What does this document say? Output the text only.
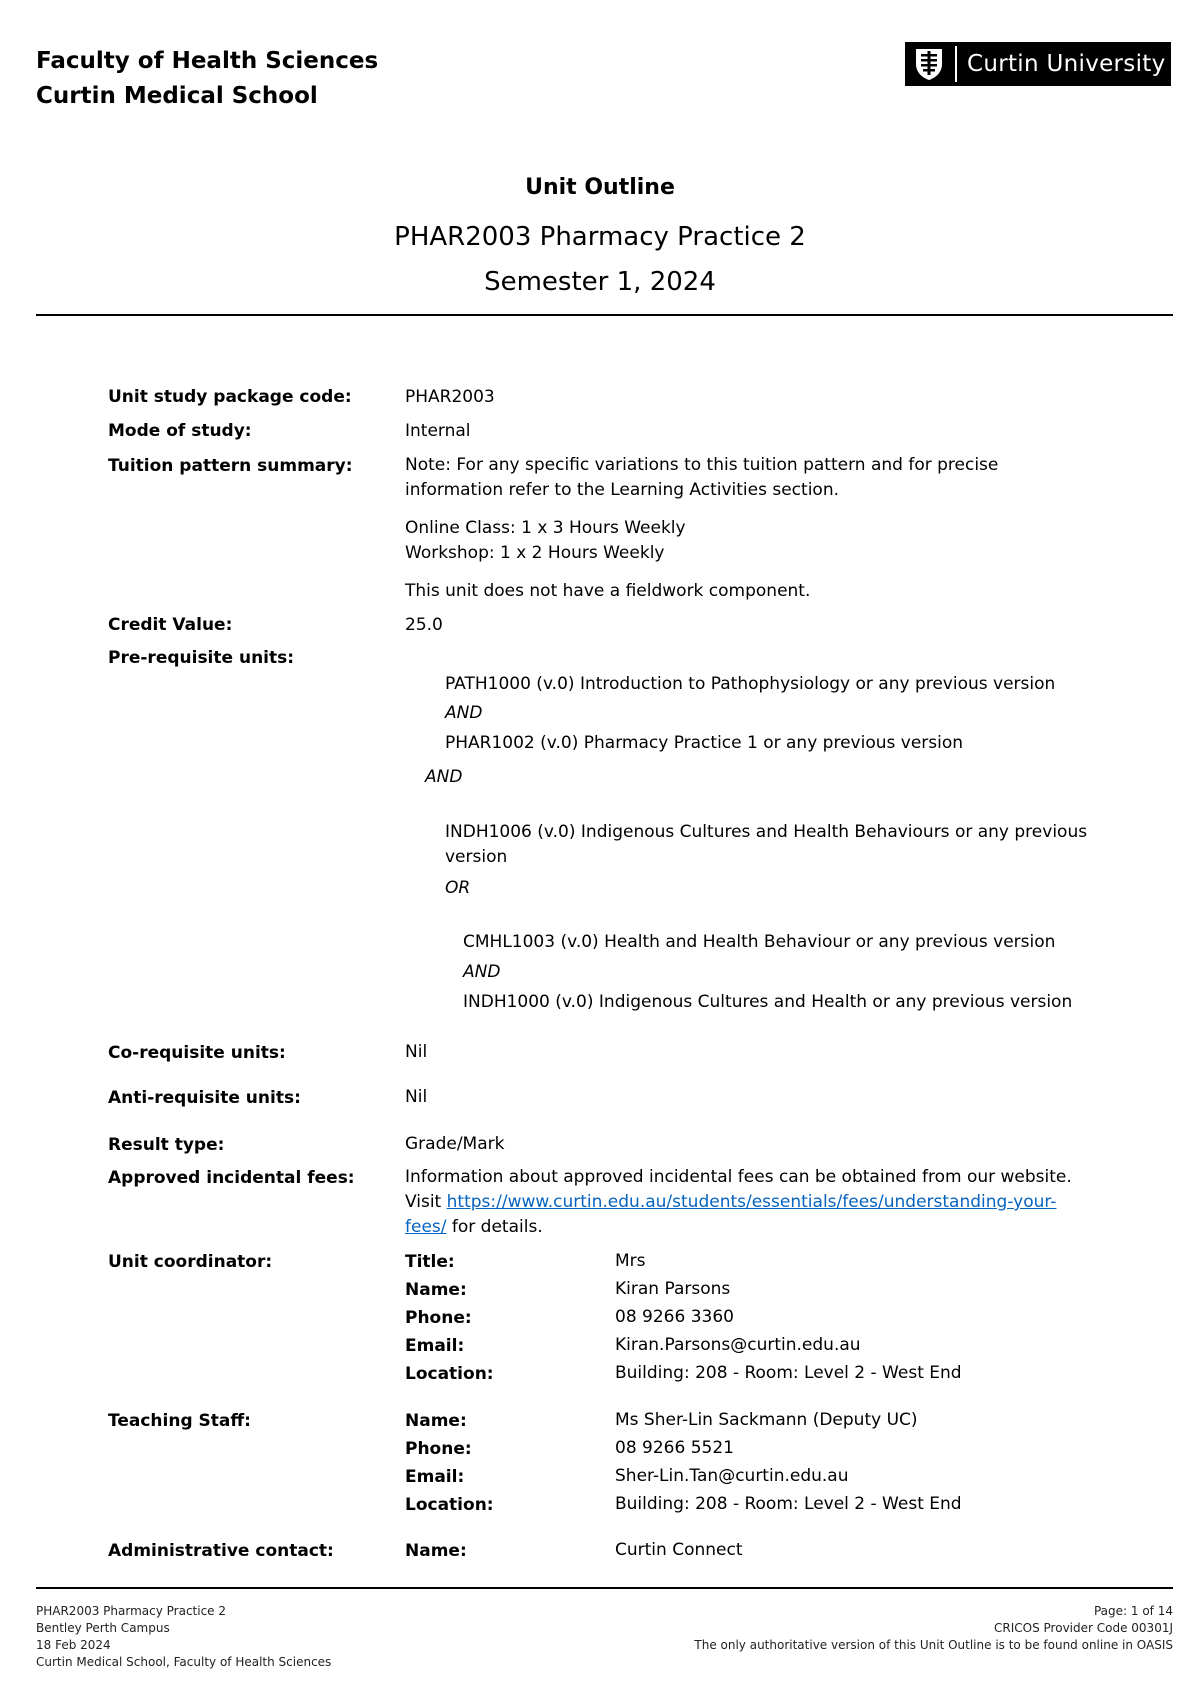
Faculty of Health Sciences
Curtin Medical School
Curtin University
Unit Outline
PHAR2003 Pharmacy Practice 2
Semester 1, 2024
Unit study package code:	PHAR2003
Mode of study:	Internal
Tuition pattern summary:	Note: For any specific variations to this tuition pattern and for precise
information refer to the Learning Activities section.
Online Class: 1 x 3 Hours Weekly
Workshop: 1 x 2 Hours Weekly
This unit does not have a fieldwork component.
Credit Value:	25.0
Pre-requisite units:
PATH1000 (v.0) Introduction to Pathophysiology or any previous version
AND
PHAR1002 (v.0) Pharmacy Practice 1 or any previous version
AND
INDH1006 (v.0) Indigenous Cultures and Health Behaviours or any previous
version
OR
CMHL1003 (v.0) Health and Health Behaviour or any previous version
AND
INDH1000 (v.0) Indigenous Cultures and Health or any previous version
Co-requisite units:	Nil
Anti-requisite units:	Nil
Result type:	Grade/Mark
Approved incidental fees:	Information about approved incidental fees can be obtained from our website.
Visit https://www.curtin.edu.au/students/essentials/fees/understanding-your-
fees/ for details.
Unit coordinator:	Title:	Mrs
Name:	Kiran Parsons
Phone:	08 9266 3360
Email:	Kiran.Parsons@curtin.edu.au
Location:	Building: 208 - Room: Level 2 - West End
Teaching Staff:	Name:	Ms Sher-Lin Sackmann (Deputy UC)
Phone:	08 9266 5521
Email:	Sher-Lin.Tan@curtin.edu.au
Location:	Building: 208 - Room: Level 2 - West End
Administrative contact:	Name:	Curtin Connect
PHAR2003 Pharmacy Practice 2
Bentley Perth Campus
18 Feb 2024
Curtin Medical School, Faculty of Health Sciences
Page: 1 of 14
CRICOS Provider Code 00301J
The only authoritative version of this Unit Outline is to be found online in OASIS
